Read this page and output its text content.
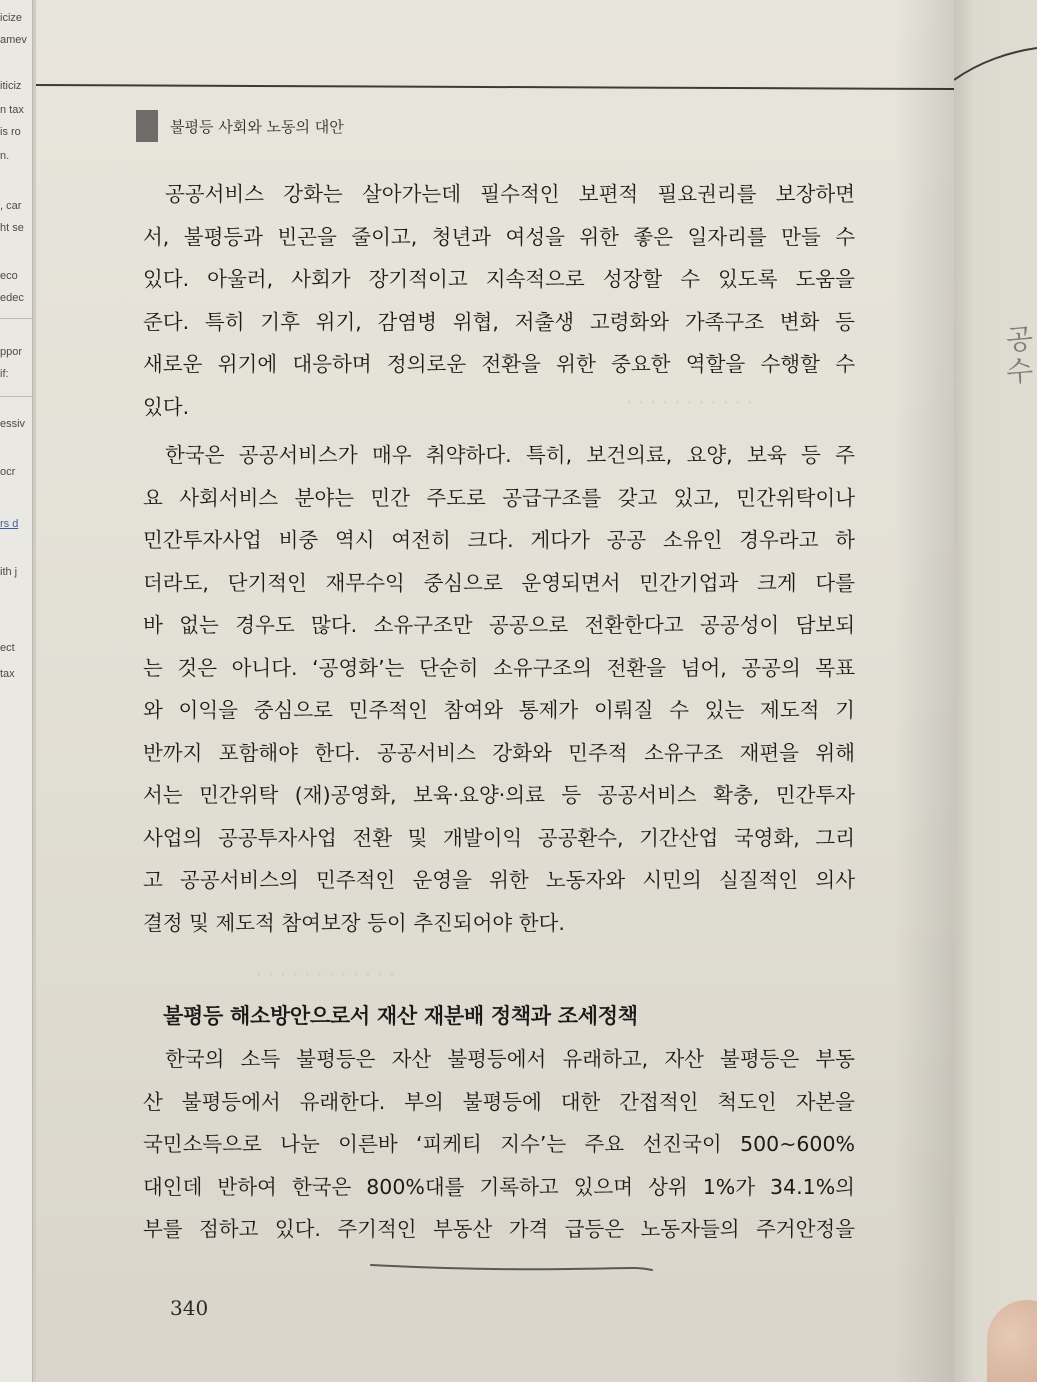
icize
amev
iticiz
n tax
is ro
n.
, car
ht se
eco
edec
ppor
if:
essiv
ocr
rs d
ith j
ect
tax
불평등 사회와 노동의 대안
· · · · · · · · · · ·
· · · · · · · · · · · ·
공공서비스 강화는 살아가는데 필수적인 보편적 필요권리를 보장하면
서, 불평등과 빈곤을 줄이고, 청년과 여성을 위한 좋은 일자리를 만들 수
있다. 아울러, 사회가 장기적이고 지속적으로 성장할 수 있도록 도움을
준다. 특히 기후 위기, 감염병 위협, 저출생 고령화와 가족구조 변화 등
새로운 위기에 대응하며 정의로운 전환을 위한 중요한 역할을 수행할 수
있다.
한국은 공공서비스가 매우 취약하다. 특히, 보건의료, 요양, 보육 등 주
요 사회서비스 분야는 민간 주도로 공급구조를 갖고 있고, 민간위탁이나
민간투자사업 비중 역시 여전히 크다. 게다가 공공 소유인 경우라고 하
더라도, 단기적인 재무수익 중심으로 운영되면서 민간기업과 크게 다를
바 없는 경우도 많다. 소유구조만 공공으로 전환한다고 공공성이 담보되
는 것은 아니다. ‘공영화’는 단순히 소유구조의 전환을 넘어, 공공의 목표
와 이익을 중심으로 민주적인 참여와 통제가 이뤄질 수 있는 제도적 기
반까지 포함해야 한다. 공공서비스 강화와 민주적 소유구조 재편을 위해
서는 민간위탁 (재)공영화, 보육·요양·의료 등 공공서비스 확충, 민간투자
사업의 공공투자사업 전환 및 개발이익 공공환수, 기간산업 국영화, 그리
고 공공서비스의 민주적인 운영을 위한 노동자와 시민의 실질적인 의사
결정 및 제도적 참여보장 등이 추진되어야 한다.
불평등 해소방안으로서 재산 재분배 정책과 조세정책
한국의 소득 불평등은 자산 불평등에서 유래하고, 자산 불평등은 부동
산 불평등에서 유래한다. 부의 불평등에 대한 간접적인 척도인 자본을
국민소득으로 나눈 이른바 ‘피케티 지수’는 주요 선진국이 500~600%
대인데 반하여 한국은 800%대를 기록하고 있으며 상위 1%가 34.1%의
부를 점하고 있다. 주기적인 부동산 가격 급등은 노동자들의 주거안정을
340
공
수
